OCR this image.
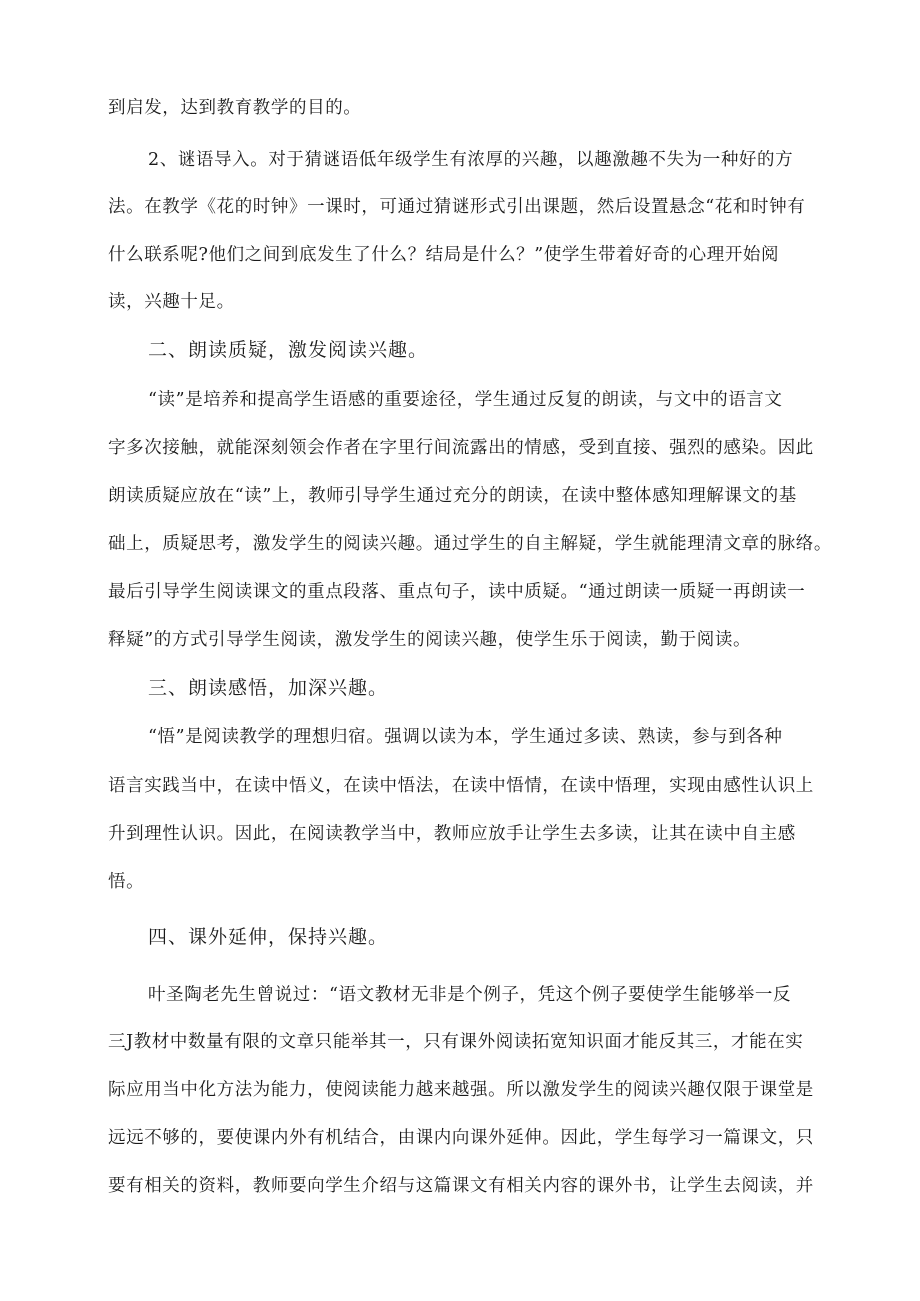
到启发，达到教育教学的目的。
2、谜语导入。对于猜谜语低年级学生有浓厚的兴趣，以趣激趣不失为一种好的方
法。在教学《花的时钟》一课时，可通过猜谜形式引出课题，然后设置悬念“花和时钟有
什么联系呢?他们之间到底发生了什么？结局是什么？”使学生带着好奇的心理开始阅
读，兴趣十足。
二、朗读质疑，激发阅读兴趣。
“读”是培养和提高学生语感的重要途径，学生通过反复的朗读，与文中的语言文
字多次接触，就能深刻领会作者在字里行间流露出的情感，受到直接、强烈的感染。因此
朗读质疑应放在“读”上，教师引导学生通过充分的朗读，在读中整体感知理解课文的基
础上，质疑思考，激发学生的阅读兴趣。通过学生的自主解疑，学生就能理清文章的脉络。
最后引导学生阅读课文的重点段落、重点句子，读中质疑。“通过朗读一质疑一再朗读一
释疑”的方式引导学生阅读，激发学生的阅读兴趣，使学生乐于阅读，勤于阅读。
三、朗读感悟，加深兴趣。
“悟”是阅读教学的理想归宿。强调以读为本，学生通过多读、熟读，参与到各种
语言实践当中，在读中悟义，在读中悟法，在读中悟情，在读中悟理，实现由感性认识上
升到理性认识。因此，在阅读教学当中，教师应放手让学生去多读，让其在读中自主感
悟。
四、课外延伸，保持兴趣。
叶圣陶老先生曾说过：“语文教材无非是个例子，凭这个例子要使学生能够举一反
三J教材中数量有限的文章只能举其一，只有课外阅读拓宽知识面才能反其三，才能在实
际应用当中化方法为能力，使阅读能力越来越强。所以激发学生的阅读兴趣仅限于课堂是
远远不够的，要使课内外有机结合，由课内向课外延伸。因此，学生每学习一篇课文，只
要有相关的资料，教师要向学生介绍与这篇课文有相关内容的课外书，让学生去阅读，并
